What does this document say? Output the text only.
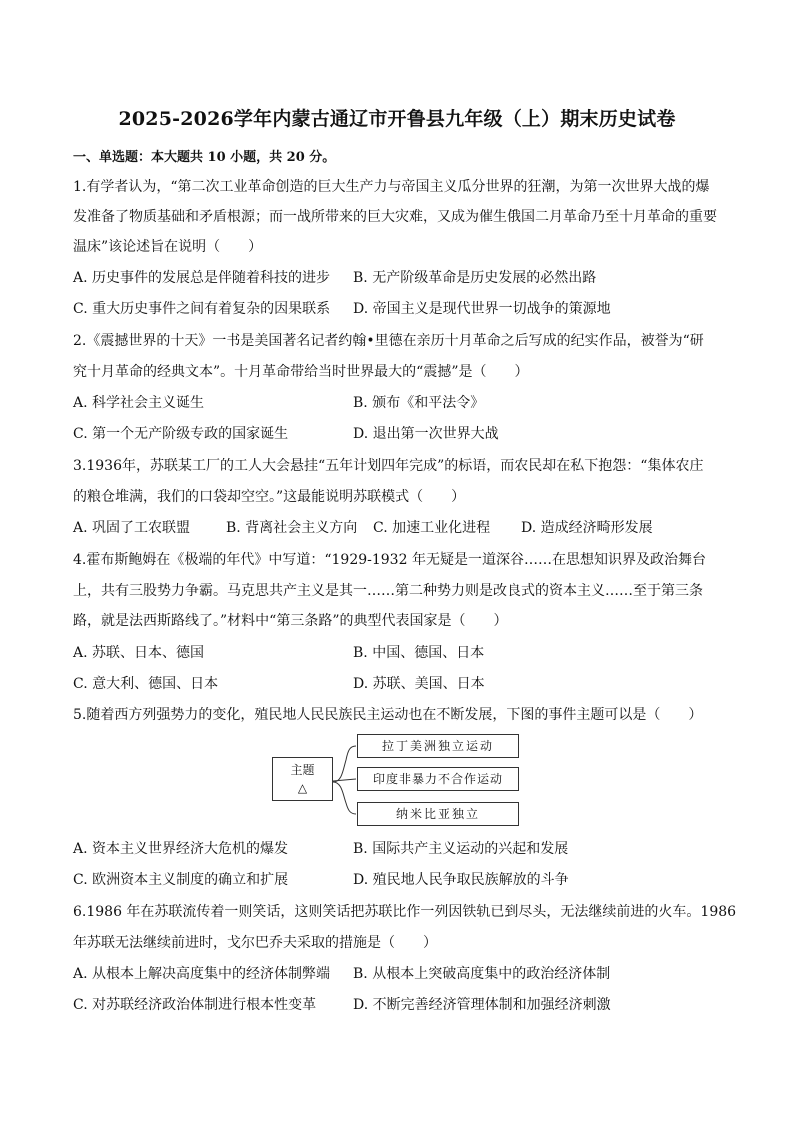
2025-2026学年内蒙古通辽市开鲁县九年级（上）期末历史试卷
一、单选题：本大题共 10 小题，共 20 分。
1.有学者认为，“第二次工业革命创造的巨大生产力与帝国主义瓜分世界的狂潮，为第一次世界大战的爆
发准备了物质基础和矛盾根源；而一战所带来的巨大灾难，又成为催生俄国二月革命乃至十月革命的重要
温床”该论述旨在说明（　　）
A. 历史事件的发展总是伴随着科技的进步 B. 无产阶级革命是历史发展的必然出路
C. 重大历史事件之间有着复杂的因果联系 D. 帝国主义是现代世界一切战争的策源地
2.《震撼世界的十天》一书是美国著名记者约翰•里德在亲历十月革命之后写成的纪实作品，被誉为“研
究十月革命的经典文本”。十月革命带给当时世界最大的“震撼”是（　　）
A. 科学社会主义诞生	B. 颁布《和平法令》
C. 第一个无产阶级专政的国家诞生	D. 退出第一次世界大战
3.1936年，苏联某工厂的工人大会悬挂“五年计划四年完成”的标语，而农民却在私下抱怨：“集体农庄
的粮仓堆满，我们的口袋却空空。”这最能说明苏联模式（　　）
A. 巩固了工农联盟	B. 背离社会主义方向 C. 加速工业化进程 D. 造成经济畸形发展
4.霍布斯鲍姆在《极端的年代》中写道：“1929-1932 年无疑是一道深谷……在思想知识界及政治舞台
上，共有三股势力争霸。马克思共产主义是其一……第二种势力则是改良式的资本主义……至于第三条
路，就是法西斯路线了。”材料中“第三条路”的典型代表国家是（　　）
A. 苏联、日本、德国	B. 中国、德国、日本
C. 意大利、德国、日本	D. 苏联、美国、日本
5.随着西方列强势力的变化，殖民地人民民族民主运动也在不断发展，下图的事件主题可以是（　　）
主题
△
拉丁美洲独立运动
印度非暴力不合作运动
纳米比亚独立
A. 资本主义世界经济大危机的爆发	B. 国际共产主义运动的兴起和发展
C. 欧洲资本主义制度的确立和扩展	D. 殖民地人民争取民族解放的斗争
6.1986 年在苏联流传着一则笑话，这则笑话把苏联比作一列因铁轨已到尽头，无法继续前进的火车。1986
年苏联无法继续前进时，戈尔巴乔夫采取的措施是（　　）
A. 从根本上解决高度集中的经济体制弊端 B. 从根本上突破高度集中的政治经济体制
C. 对苏联经济政治体制进行根本性变革	D. 不断完善经济管理体制和加强经济刺激
